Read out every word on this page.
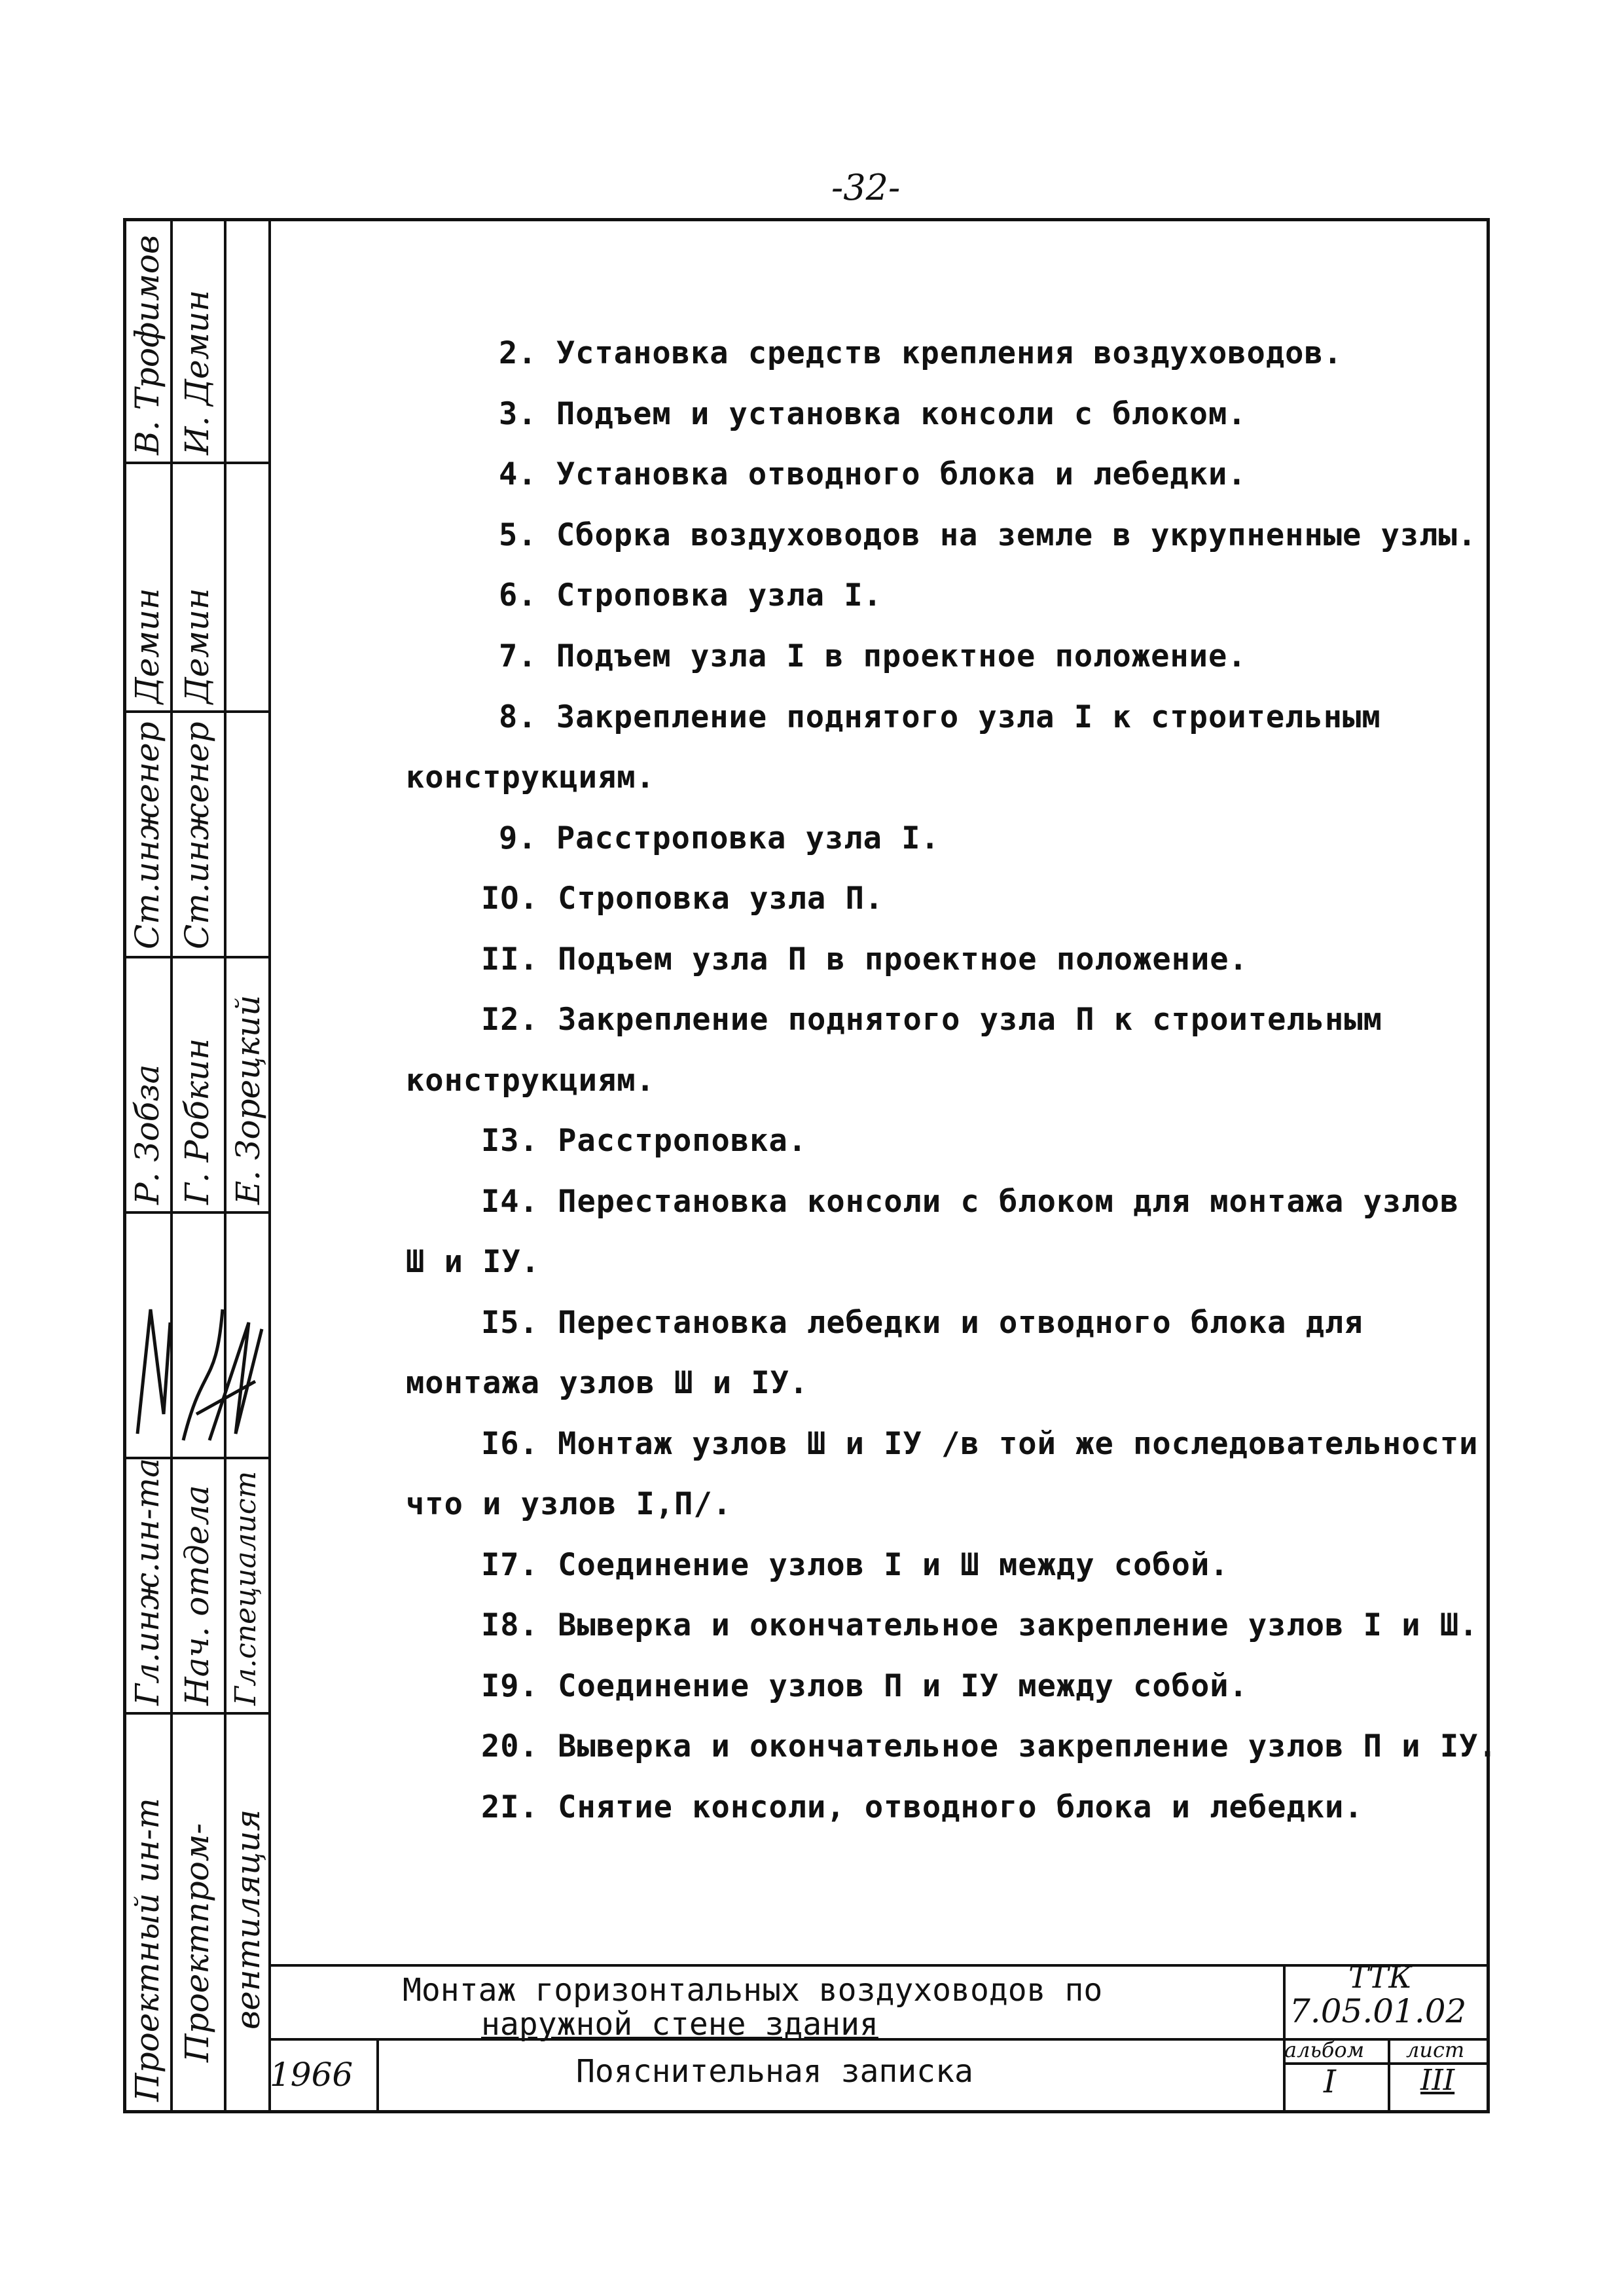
-32-
Проектный ин-т
Гл.инж.ин-та
Р. Зобза
Ст.инженер
Демин
В. Трофимов
Проектпром-
Нач. отдела
Г. Робкин
Ст.инженер
Демин
И. Демин
вентиляция
Гл.специалист
Е. Зорецкий
2. Установка средств крепления воздуховодов.
3. Подъем и установка консоли с блоком.
4. Установка отводного блока и лебедки.
5. Сборка воздуховодов на земле в укрупненные узлы.
6. Строповка узла I.
7. Подъем узла I в проектное положение.
8. Закрепление поднятого узла I к строительным
конструкциям.
9. Расстроповка узла I.
IO. Строповка узла П.
II. Подъем узла П в проектное положение.
I2. Закрепление поднятого узла П к строительным
конструкциям.
I3. Расстроповка.
I4. Перестановка консоли с блоком для монтажа узлов
Ш и IУ.
I5. Перестановка лебедки и отводного блока для
монтажа узлов Ш и IУ.
I6. Монтаж узлов Ш и IУ /в той же последовательности
что и узлов I,П/.
I7. Соединение узлов I и Ш между собой.
I8. Выверка и окончательное закрепление узлов I и Ш.
I9. Соединение узлов П и IУ между собой.
20. Выверка и окончательное закрепление узлов П и IУ.
2I. Снятие консоли, отводного блока и лебедки.
Монтаж горизонтальных воздуховодов по
наружной стене здания
Пояснительная записка
1966
ТТК
7.05.01.02
альбом
I
лист
III
